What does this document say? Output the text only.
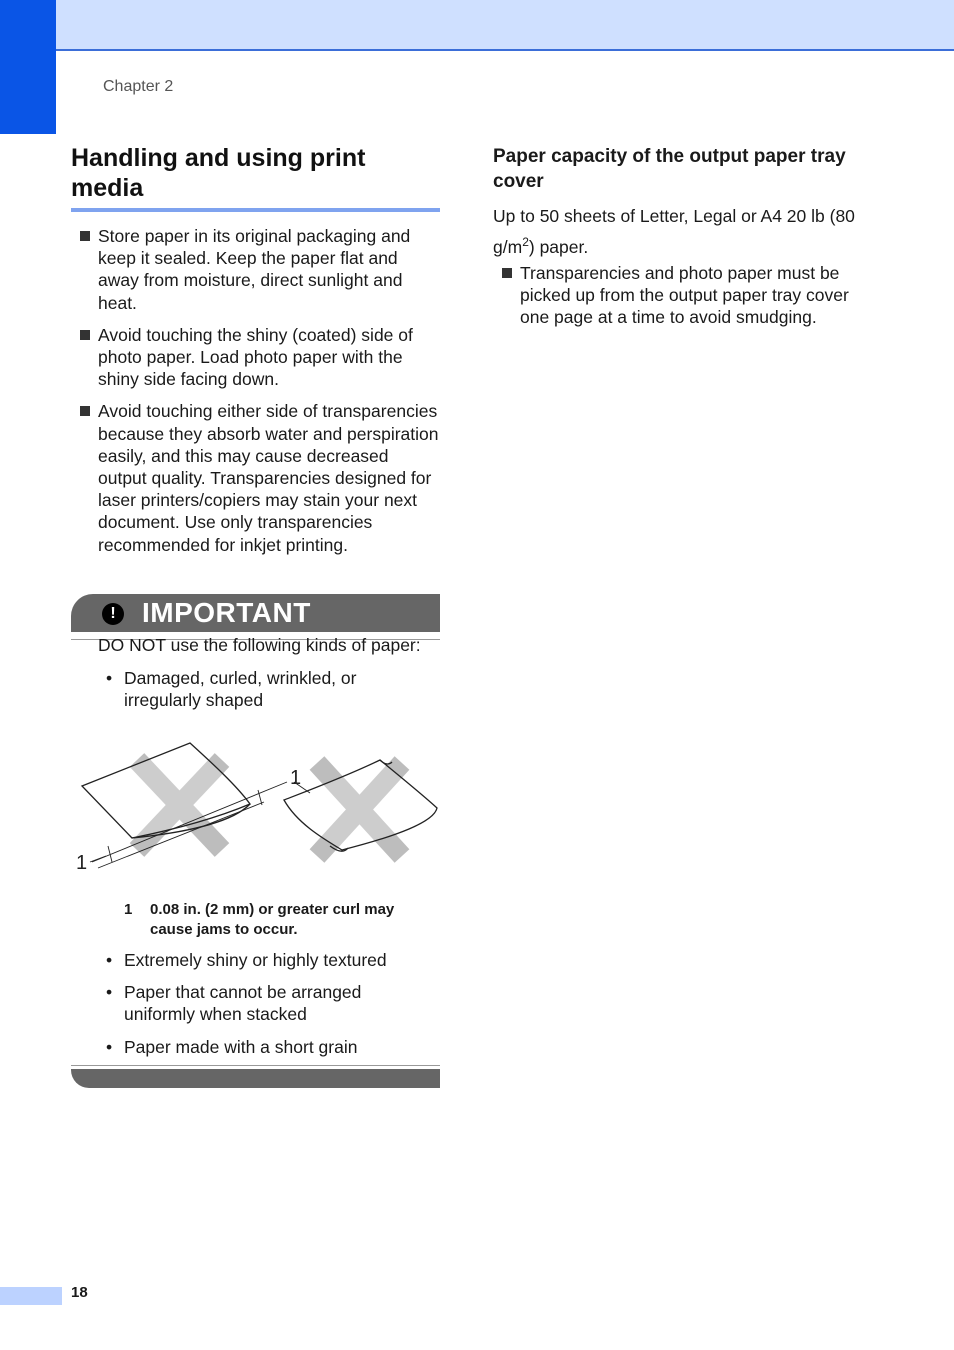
Chapter 2
Handling and using print media
Store paper in its original packaging and keep it sealed. Keep the paper flat and away from moisture, direct sunlight and heat.
Avoid touching the shiny (coated) side of photo paper. Load photo paper with the shiny side facing down.
Avoid touching either side of transparencies because they absorb water and perspiration easily, and this may cause decreased output quality. Transparencies designed for laser printers/copiers may stain your next document. Use only transparencies recommended for inkjet printing.
! IMPORTANT
DO NOT use the following kinds of paper:
• Damaged, curled, wrinkled, or irregularly shaped
1
1
1	0.08 in. (2 mm) or greater curl may cause jams to occur.
• Extremely shiny or highly textured
• Paper that cannot be arranged uniformly when stacked
• Paper made with a short grain
Paper capacity of the output paper tray cover
Up to 50 sheets of Letter, Legal or A4 20 lb (80 $g/m^2$) paper.
Transparencies and photo paper must be picked up from the output paper tray cover one page at a time to avoid smudging.
18
